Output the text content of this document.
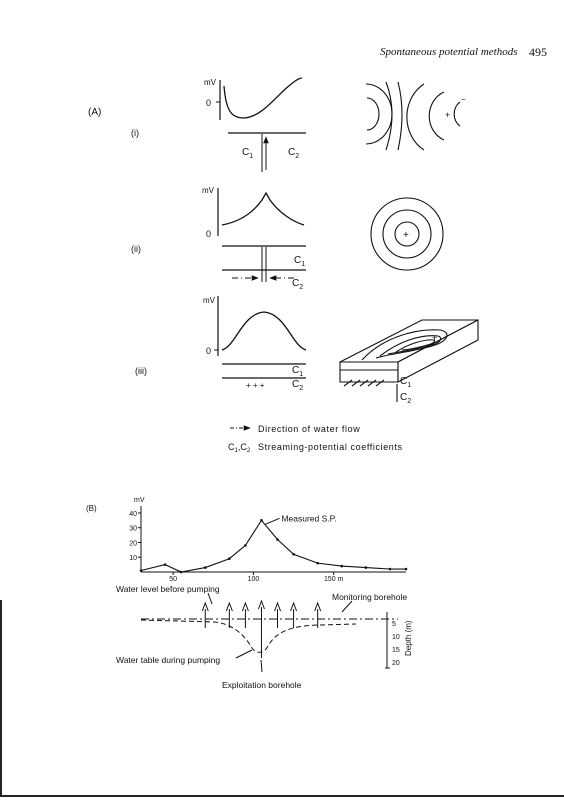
Spontaneous potential methods 495
(A)
(i)
(ii)
(iii)
mV
0
$C_1$	$C_2$
+
−
mV
0
$C_1$
$C_2$
+
mV
0
+ + +
$C_1$
$C_2$
+
$C_1$
$C_2$
Direction of water flow
$C_1,C_2$ Streaming-potential coefficients
mV
10
20
30
40
50	100	150 m
Measured S.P.
(B)
Water level before pumping
Monitoring borehole
Water table during pumping
Exploitation borehole
5
10
15
20
Depth (m)
